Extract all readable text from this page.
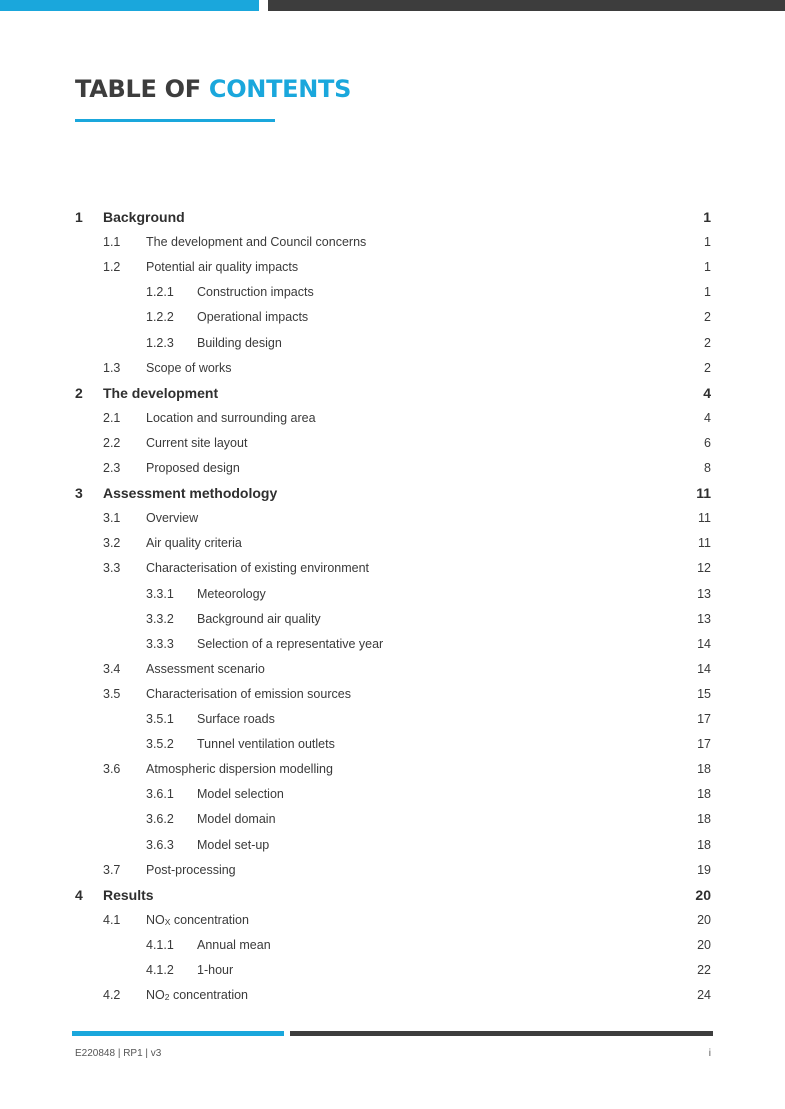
TABLE OF CONTENTS
1 Background	1
1.1 The development and Council concerns	1
1.2 Potential air quality impacts	1
1.2.1 Construction impacts	1
1.2.2 Operational impacts	2
1.2.3 Building design	2
1.3 Scope of works	2
2 The development	4
2.1 Location and surrounding area	4
2.2 Current site layout	6
2.3 Proposed design	8
3 Assessment methodology	11
3.1 Overview	11
3.2 Air quality criteria	11
3.3 Characterisation of existing environment	12
3.3.1 Meteorology	13
3.3.2 Background air quality	13
3.3.3 Selection of a representative year	14
3.4 Assessment scenario	14
3.5 Characterisation of emission sources	15
3.5.1 Surface roads	17
3.5.2 Tunnel ventilation outlets	17
3.6 Atmospheric dispersion modelling	18
3.6.1 Model selection	18
3.6.2 Model domain	18
3.6.3 Model set-up	18
3.7 Post-processing	19
4 Results	20
4.1 NOX concentration	20
4.1.1 Annual mean	20
4.1.2 1-hour	22
4.2 NO2 concentration	24
E220848 | RP1 | v3	i
